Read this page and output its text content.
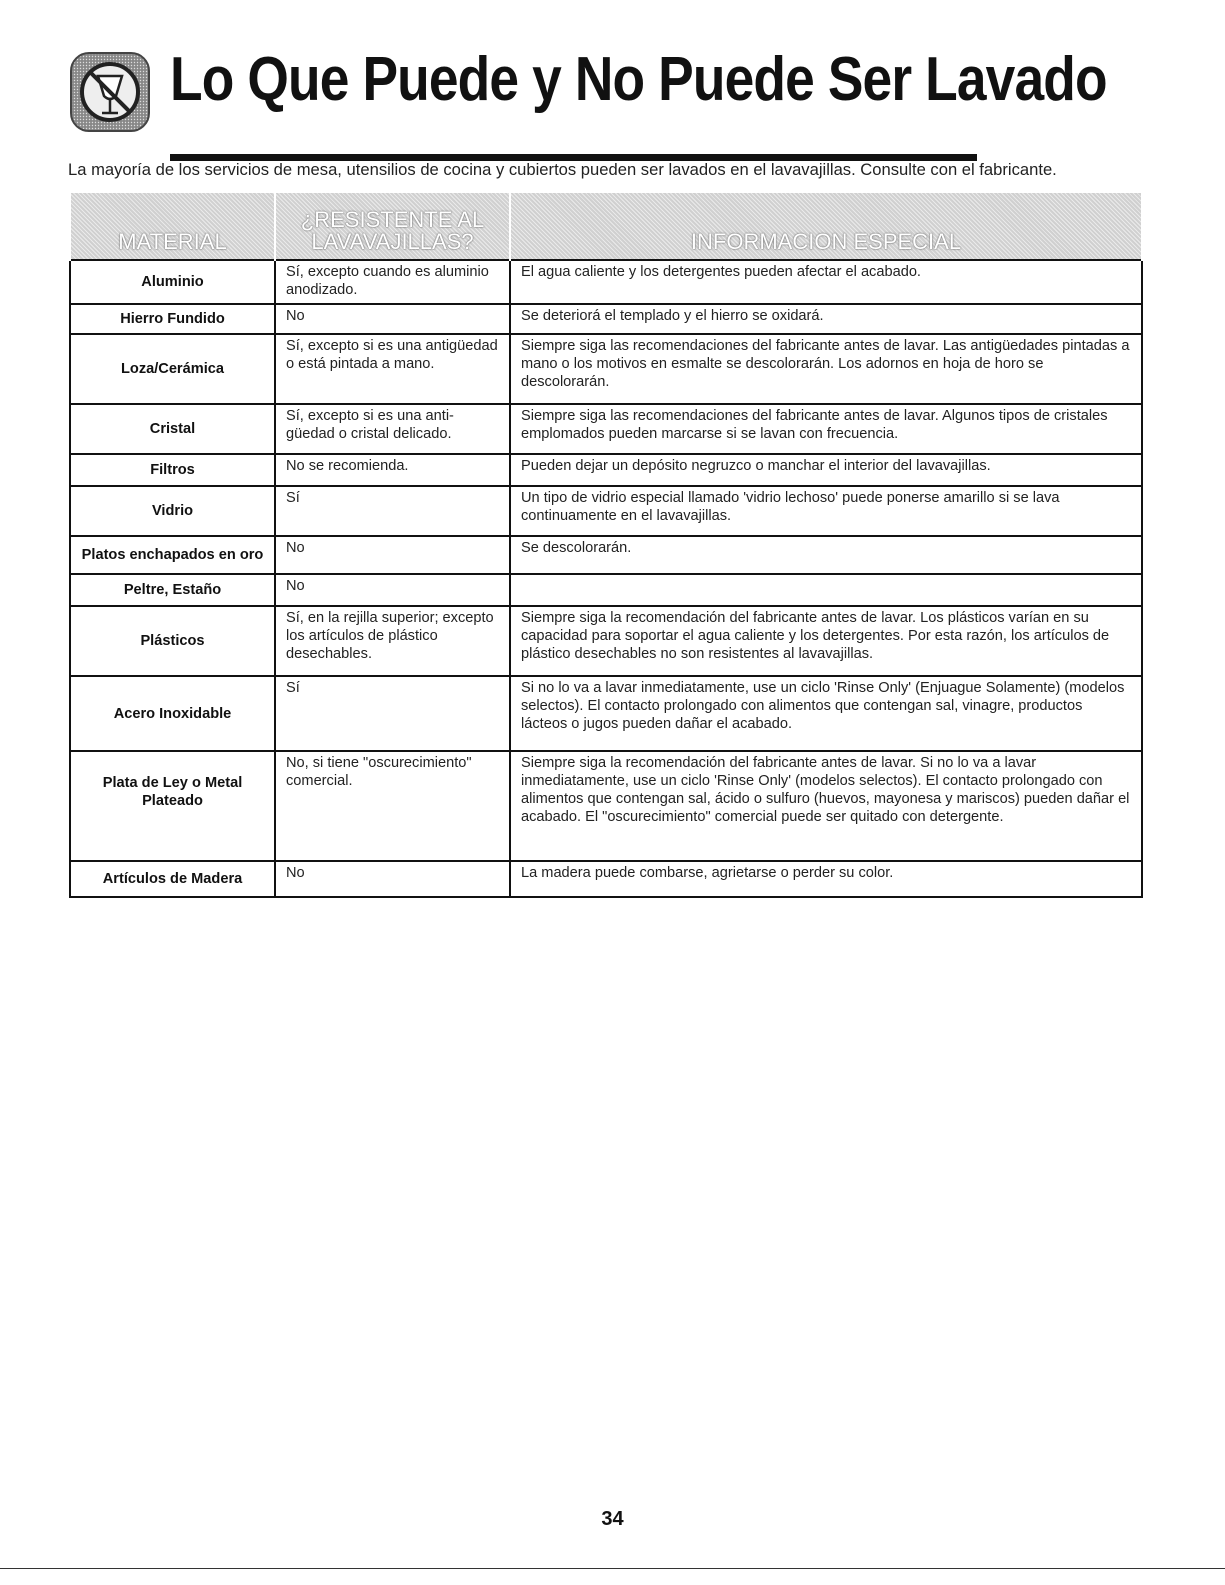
Lo Que Puede y No Puede Ser Lavado
La mayoría de los servicios de mesa, utensilios de cocina y cubiertos pueden ser lavados en el lavavajillas. Consulte con el fabricante.
MATERIAL	¿RESISTENTE AL LAVAVAJILLAS?	INFORMACION ESPECIAL

Aluminio	Sí, excepto cuando es aluminio anodizado.	El agua caliente y los detergentes pueden afectar el acabado.
Hierro Fundido	No	Se deteriorá el templado y el hierro se oxidará.
Loza/Cerámica	Sí, excepto si es una antigüedad o está pintada a mano.	Siempre siga las recomendaciones del fabricante antes de lavar. Las antigüedades pintadas a mano o los motivos en esmalte se descolorarán. Los adornos en hoja de horo se descolorarán.
Cristal	Sí, excepto si es una anti-güedad o cristal delicado.	Siempre siga las recomendaciones del fabricante antes de lavar. Algunos tipos de cristales emplomados pueden marcarse si se lavan con frecuencia.
Filtros	No se recomienda.	Pueden dejar un depósito negruzco o manchar el interior del lavavajillas.
Vidrio	Sí	Un tipo de vidrio especial llamado 'vidrio lechoso' puede ponerse amarillo si se lava continuamente en el lavavajillas.
Platos enchapados en oro	No	Se descolorarán.
Peltre, Estaño	No	
Plásticos	Sí, en la rejilla superior; excepto los artículos de plástico desechables.	Siempre siga la recomendación del fabricante antes de lavar. Los plásticos varían en su capacidad para soportar el agua caliente y los detergentes. Por esta razón, los artículos de plástico desechables no son resistentes al lavavajillas.
Acero Inoxidable	Sí	Si no lo va a lavar inmediatamente, use un ciclo 'Rinse Only' (Enjuague Solamente) (modelos selectos). El contacto prolongado con alimentos que contengan sal, vinagre, productos lácteos o jugos pueden dañar el acabado.
Plata de Ley o Metal Plateado	No, si tiene "oscurecimiento" comercial.	Siempre siga la recomendación del fabricante antes de lavar. Si no lo va a lavar inmediatamente, use un ciclo 'Rinse Only' (modelos selectos). El contacto prolongado con alimentos que contengan sal, ácido o sulfuro (huevos, mayonesa y mariscos) pueden dañar el acabado. El "oscurecimiento" comercial puede ser quitado con detergente.
Artículos de Madera	No	La madera puede combarse, agrietarse o perder su color.
34
